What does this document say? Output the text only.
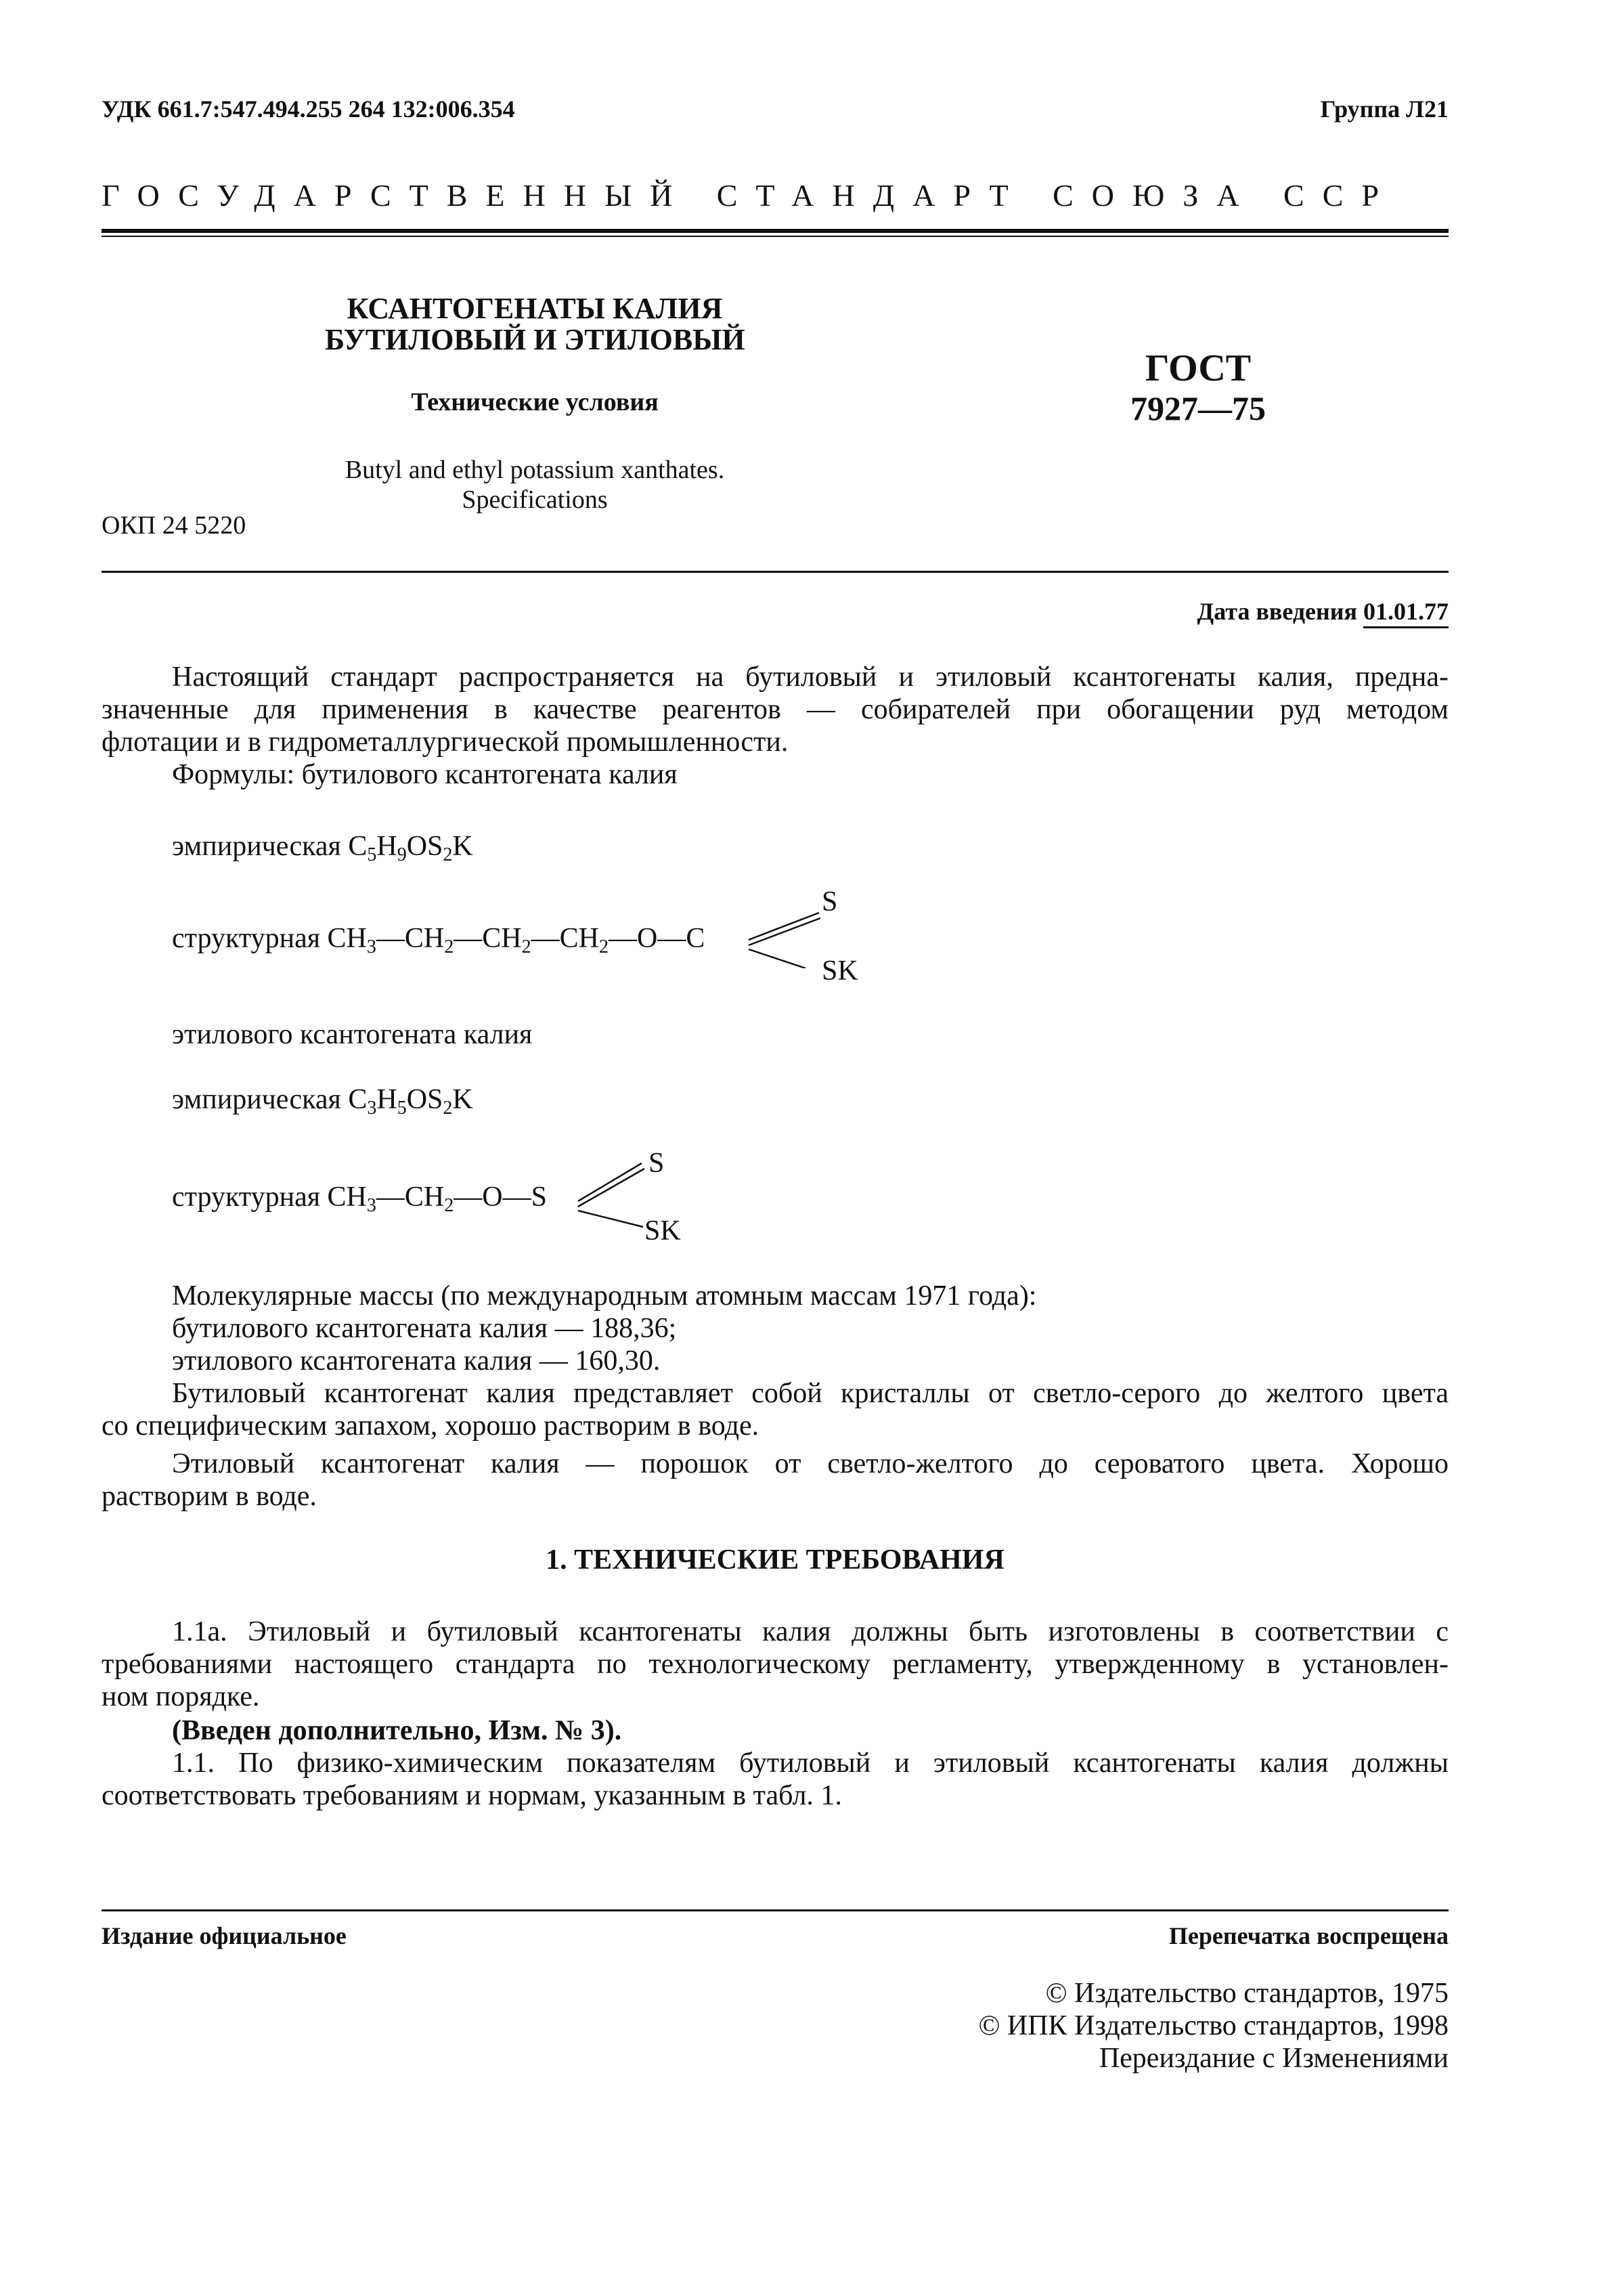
УДК 661.7:547.494.255 264 132:006.354	Группа Л21
ГОСУДАРСТВЕННЫЙ СТАНДАРТ СОЮЗА ССР
КСАНТОГЕНАТЫ КАЛИЯ
БУТИЛОВЫЙ И ЭТИЛОВЫЙ
Технические условия
Butyl and ethyl potassium xanthates.
Specifications
ГОСТ
7927—75
ОКП 24 5220
Дата введения 01.01.77
Настоящий стандарт распространяется на бутиловый и этиловый ксантогенаты калия, предна-
значенные для применения в качестве реагентов — собирателей при обогащении руд методом
флотации и в гидрометаллургической промышленности.
Формулы: бутилового ксантогената калия
эмпирическая $C_5H_9OS_2K$
структурная $CH_3—CH_2—CH_2—CH_2—O—C$
S
SK
этилового ксантогената калия
эмпирическая $C_3H_5OS_2K$
структурная $CH_3—CH_2—O—S$
S
SK
Молекулярные массы (по международным атомным массам 1971 года):
бутилового ксантогената калия — 188,36;
этилового ксантогената калия — 160,30.
Бутиловый ксантогенат калия представляет собой кристаллы от светло-серого до желтого цвета
со специфическим запахом, хорошо растворим в воде.
Этиловый ксантогенат калия — порошок от светло-желтого до сероватого цвета. Хорошо
растворим в воде.
1. ТЕХНИЧЕСКИЕ ТРЕБОВАНИЯ
1.1а. Этиловый и бутиловый ксантогенаты калия должны быть изготовлены в соответствии с
требованиями настоящего стандарта по технологическому регламенту, утвержденному в установлен-
ном порядке.
(Введен дополнительно, Изм. № 3).
1.1. По физико-химическим показателям бутиловый и этиловый ксантогенаты калия должны
соответствовать требованиям и нормам, указанным в табл. 1.
Издание официальное	Перепечатка воспрещена
© Издательство стандартов, 1975
© ИПК Издательство стандартов, 1998
Переиздание с Изменениями
